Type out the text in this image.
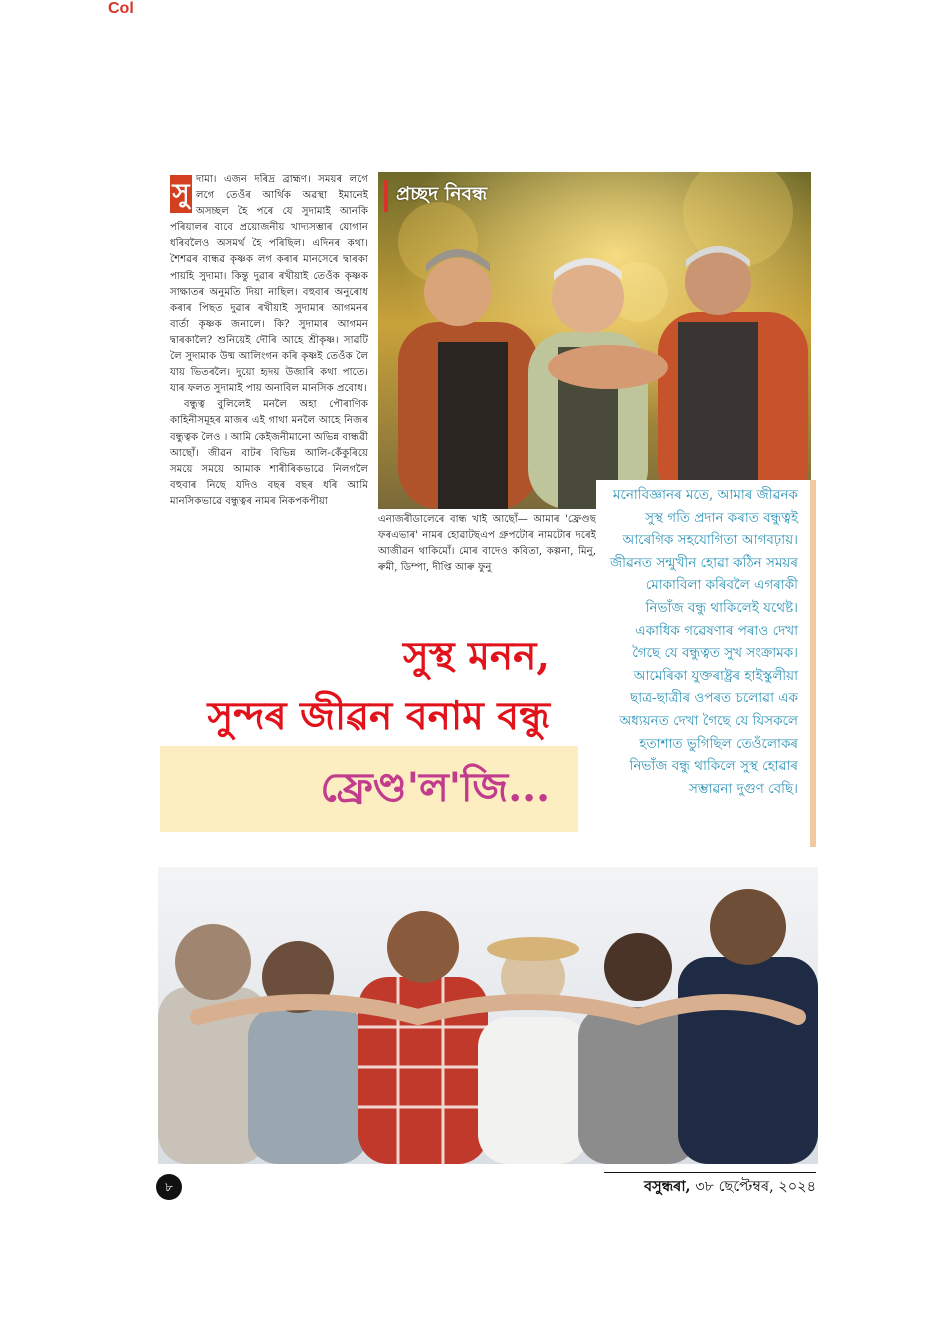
Col
সু দামা। এজন দৰিদ্ৰ ব্ৰাহ্মণ। সময়ৰ লগে লগে তেওঁৰ আৰ্থিক অৱস্থা ইমানেই অসচ্ছল হৈ পৰে যে সুদামাই আনকি পৰিয়ালৰ বাবে প্ৰয়োজনীয় খাদ্যসম্ভাৰ যোগান ধৰিবলৈও অসমৰ্থ হৈ পৰিছিল। এদিনৰ কথা। শৈশৱৰ বান্ধৱ কৃষ্ণক লগ কৰাৰ মানসেৰে দ্বাৰকা পায়হি সুদামা। কিন্তু দুৱাৰ ৰখীয়াই তেওঁক কৃষ্ণক সাক্ষাতৰ অনুমতি দিয়া নাছিল। বহুবাৰ অনুৰোধ কৰাৰ পিছত দুৱাৰ ৰখীয়াই সুদামাৰ আগমনৰ বাৰ্তা কৃষ্ণক জনালে। কি? সুদামাৰ আগমন দ্বাৰকালৈ? শুনিয়েই দৌৰি আহে শ্ৰীকৃষ্ণ। সাৱটি লৈ সুদামাক উষ্ম আলিংগন কৰি কৃষ্ণই তেওঁক লৈ যায় ভিতৰলৈ। দুয়ো হৃদয় উজাৰি কথা পাতে। যাৰ ফলত সুদামাই পায় অনাবিল মানসিক প্ৰবোধ।

বন্ধুত্ব বুলিলেই মনলৈ অহা পৌৰাণিক কাহিনীসমূহৰ মাজৰ এই গাথা মনলৈ আহে নিজৰ বন্ধুত্বক লৈও । আমি কেইজনীমানো অভিন্ন বান্ধৱী আছোঁ। জীৱন বাটৰ বিভিন্ন আলি-কেঁকুৰিয়ে সময়ে সময়ে আমাক শাৰীৰিকভাৱে নিলগলৈ বহুবাৰ নিছে যদিও বছৰ বছৰ ধৰি আমি মানসিকভাৱে বন্ধুত্বৰ নামৰ নিকপকপীয়া

প্ৰচ্ছদ নিবন্ধ
এনাজৰীডালেৰে বান্ধ খাই আছোঁ— আমাৰ 'ফ্ৰেণ্ডছ ফৰএভাৰ' নামৰ হোৱাটছএপ গ্ৰুপটোৰ নামটোৰ দৰেই আজীৱন থাকিমোঁ। মোৰ বাদেও কবিতা, কল্পনা, মিনু, ৰুমী, ডিম্পা, দীপ্তি আৰু ফুনু
মনোবিজ্ঞানৰ মতে, আমাৰ জীৱনক সুস্থ গতি প্ৰদান কৰাত বন্ধুত্বই আৰেগিক সহযোগিতা আগবঢ়ায়। জীৱনত সন্মুখীন হোৱা কঠিন সময়ৰ মোকাবিলা কৰিবলৈ এগৰাকী নিভাঁজ বন্ধু থাকিলেই যথেষ্ট। একাধিক গৱেষণাৰ পৰাও দেখা গৈছে যে বন্ধুত্বত সুখ সংক্ৰামক। আমেৰিকা যুক্তৰাষ্ট্ৰৰ হাইস্কুলীয়া ছাত্ৰ-ছাত্ৰীৰ ওপৰত চলোৱা এক অধ্যয়নত দেখা গৈছে যে যিসকলে হতাশাত ভুগিছিল তেওঁলোকৰ নিভাঁজ বন্ধু থাকিলে সুস্থ হোৱাৰ সম্ভাৱনা দুগুণ বেছি।
সুস্থ মনন,
সুন্দৰ জীৱন বনাম বন্ধু
ফ্ৰেণ্ড'ল'জি...
৮	বসুন্ধৰা, ৩৮ ছেপ্টেম্বৰ, ২০২৪
